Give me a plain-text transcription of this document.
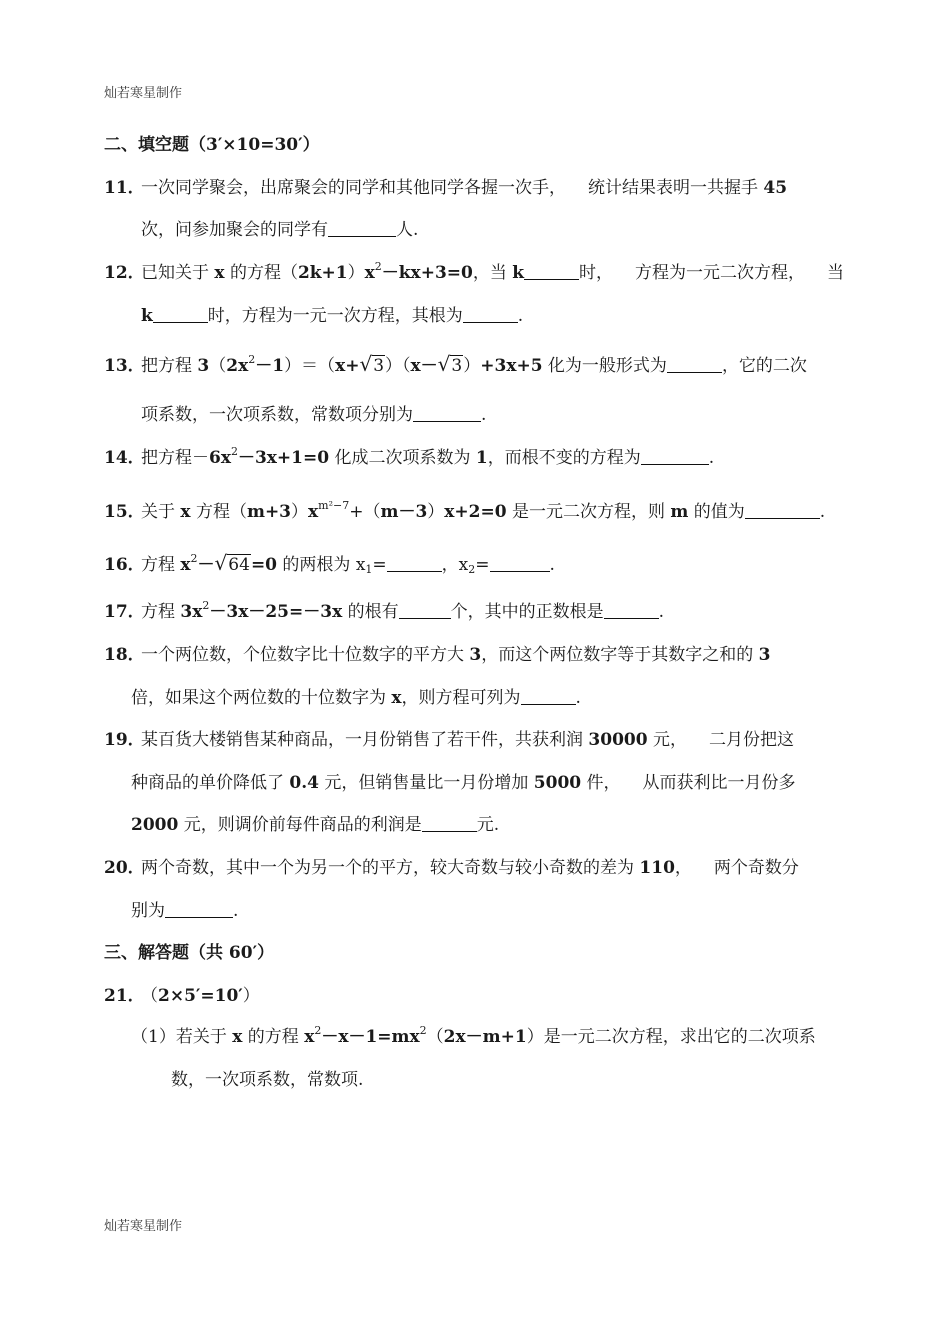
灿若寒星制作
二、填空题（3′×10=30′）
11．一次同学聚会，出席聚会的同学和其他同学各握一次手， 统计结果表明一共握手 45
次，问参加聚会的同学有	人.
12．已知关于 x 的方程$(2k+1)x^2-kx+3=0$，当 k	时， 方程为一元二次方程， 当
k	时，方程为一元一次方程，其根为	.
13．把方程 $3(2x^2-1)=(x+√3)(x-√3)+3x+5$ 化为一般形式为	，它的二次
项系数，一次项系数，常数项分别为	.
14．把方程$-6x^2-3x+1=0$ 化成二次项系数为 1，而根不变的方程为	.
15．关于 x 方程$(m+3)x^{m^2-7}+(m-3)x+2=0$ 是一元二次方程，则 m 的值为	.
16．方程 $x^2-√64=0$ 的两根为 $x_1=$	，$x_2=$	.
17．方程 $3x^2-3x-25=-3x$ 的根有	个，其中的正数根是	.
18．一个两位数，个位数字比十位数字的平方大 3，而这个两位数字等于其数字之和的 3
倍，如果这个两位数的十位数字为 x，则方程可列为	.
19．某百货大楼销售某种商品，一月份销售了若干件，共获利润 30000 元， 二月份把这
种商品的单价降低了 0.4 元，但销售量比一月份增加 5000 件， 从而获利比一月份多
2000 元，则调价前每件商品的利润是	元.
20．两个奇数，其中一个为另一个的平方，较大奇数与较小奇数的差为 110， 两个奇数分
别为	.
三、解答题（共 60′）
21．（2×5′=10′）
（1）若关于 x 的方程 $x^2-x-1=mx^2(2x-m+1)$是一元二次方程，求出它的二次项系
数，一次项系数，常数项.
灿若寒星制作
